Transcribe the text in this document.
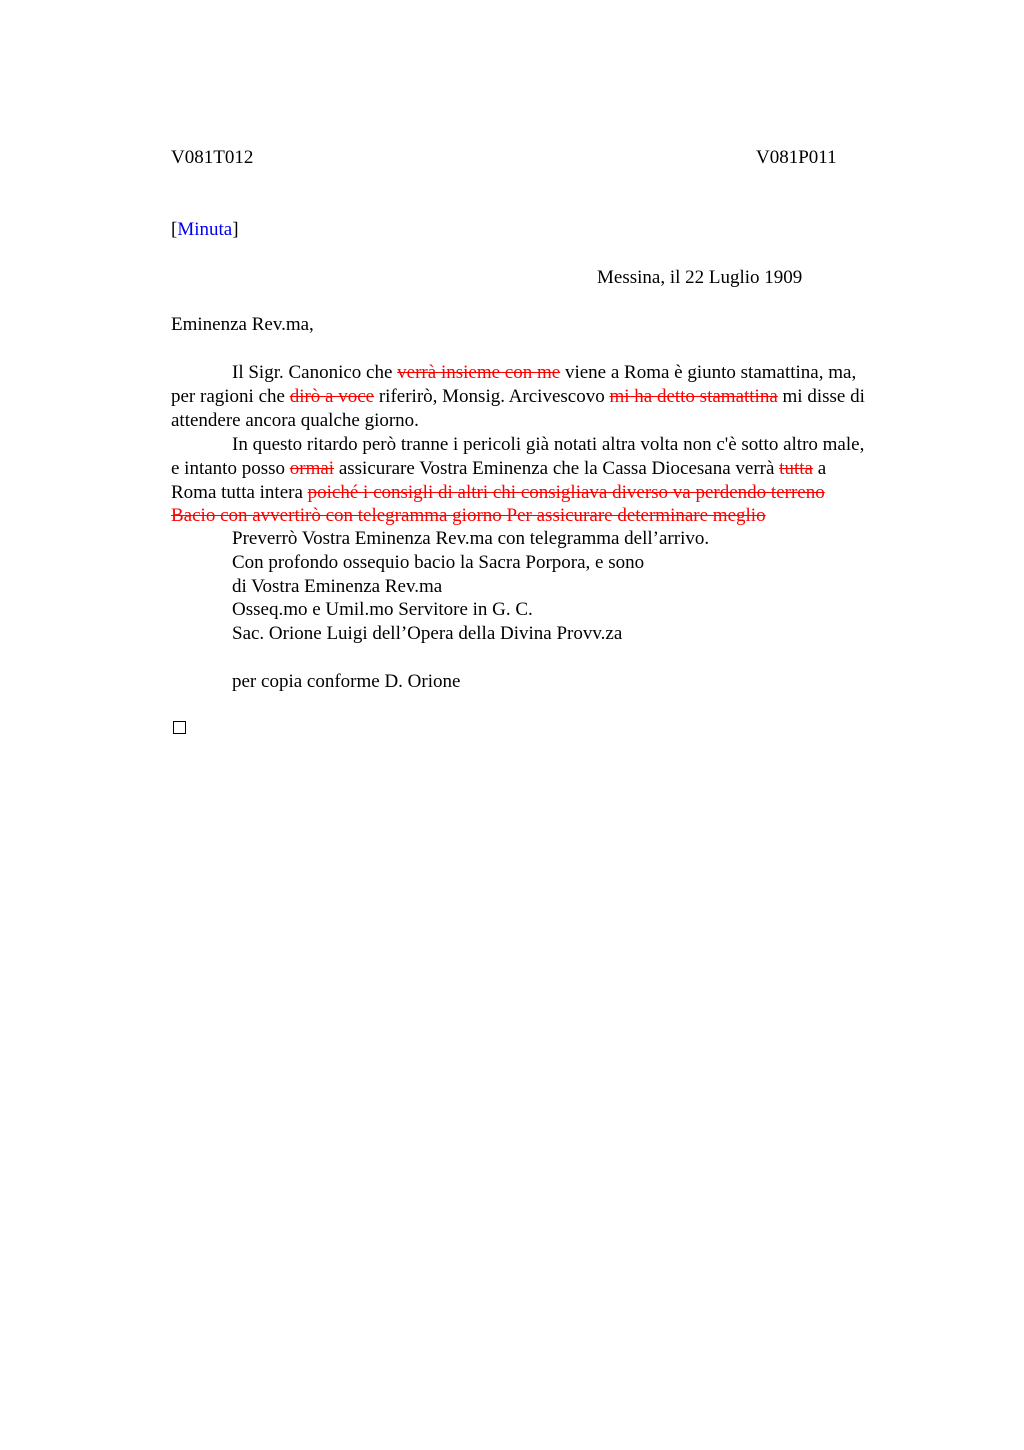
V081T012	V081P011
[Minuta]
Messina, il 22 Luglio 1909
Eminenza Rev.ma,
Il Sigr. Canonico che verrà insieme con me viene a Roma è giunto stamattina, ma,
per ragioni che dirò a voce riferirò, Monsig. Arcivescovo mi ha detto stamattina mi disse di
attendere ancora qualche giorno.
In questo ritardo però tranne i pericoli già notati altra volta non c'è sotto altro male,
e intanto posso ormai assicurare Vostra Eminenza che la Cassa Diocesana verrà tutta a
Roma tutta intera poiché i consigli di altri chi consigliava diverso va perdendo terreno
Bacio con avvertirò con telegramma giorno Per assicurare determinare meglio
Preverrò Vostra Eminenza Rev.ma con telegramma dell’arrivo.
Con profondo ossequio bacio la Sacra Porpora, e sono
di Vostra Eminenza Rev.ma
Osseq.mo e Umil.mo Servitore in G. C.
Sac. Orione Luigi dell’Opera della Divina Provv.za
per copia conforme D. Orione
